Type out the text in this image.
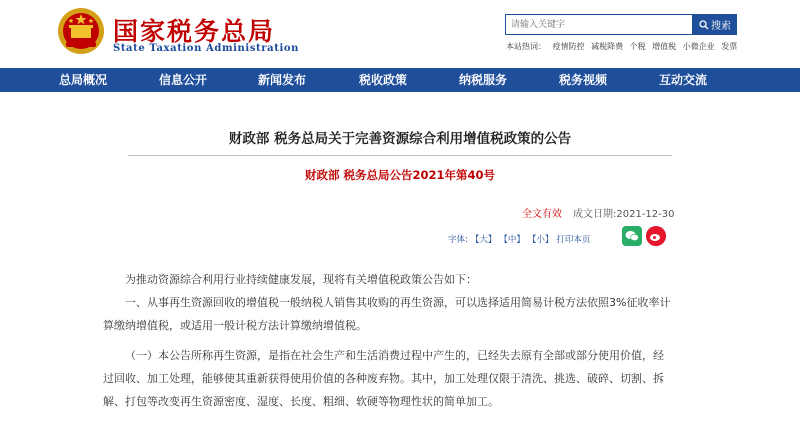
国家税务总局
State Taxation Administration
请输入关键字
搜索
本站热词： 疫情防控 减税降费 个税 增值税 小微企业 发票
总局概况	信息公开	新闻发布	税收政策	纳税服务	税务视频	互动交流
财政部 税务总局关于完善资源综合利用增值税政策的公告
财政部 税务总局公告2021年第40号
全文有效 成文日期:2021-12-30
字体: 【大】 【中】 【小】 打印本页
为推动资源综合利用行业持续健康发展，现将有关增值税政策公告如下：
一、从事再生资源回收的增值税一般纳税人销售其收购的再生资源，可以选择适用简易计税方法依照3%征收率计算缴纳增值税，或适用一般计税方法计算缴纳增值税。
（一）本公告所称再生资源，是指在社会生产和生活消费过程中产生的，已经失去原有全部或部分使用价值，经过回收、加工处理，能够使其重新获得使用价值的各种废弃物。其中，加工处理仅限于清洗、挑选、破碎、切割、拆解、打包等改变再生资源密度、湿度、长度、粗细、软硬等物理性状的简单加工。
